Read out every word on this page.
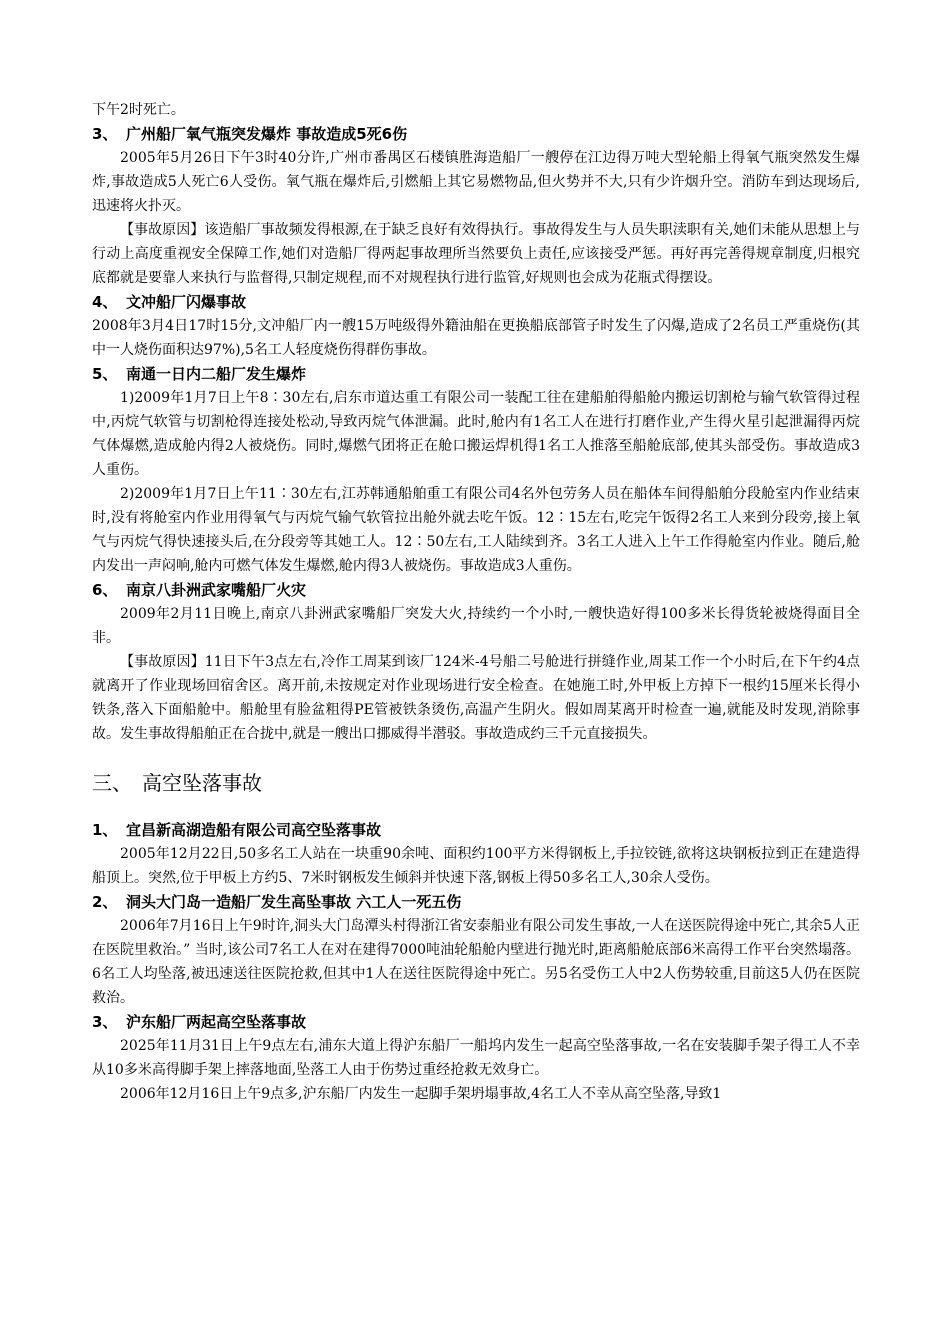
下午2时死亡。

3、 广州船厂氧气瓶突发爆炸 事故造成5死6伤

2005年5月26日下午3时40分许,广州市番禺区石楼镇胜海造船厂一艘停在江边得万吨大型轮船上得氧气瓶突然发生爆炸,事故造成5人死亡6人受伤。氧气瓶在爆炸后,引燃船上其它易燃物品,但火势并不大,只有少许烟升空。消防车到达现场后,迅速将火扑灭。

【事故原因】该造船厂事故频发得根源,在于缺乏良好有效得执行。事故得发生与人员失职渎职有关,她们未能从思想上与行动上高度重视安全保障工作,她们对造船厂得两起事故理所当然要负上责任,应该接受严惩。再好再完善得规章制度,归根究底都就是要靠人来执行与监督得,只制定规程,而不对规程执行进行监管,好规则也会成为花瓶式得摆设。

4、 文冲船厂闪爆事故

2008年3月4日17时15分,文冲船厂内一艘15万吨级得外籍油船在更换船底部管子时发生了闪爆,造成了2名员工严重烧伤(其中一人烧伤面积达97%),5名工人轻度烧伤得群伤事故。

5、 南通一日内二船厂发生爆炸

1)2009年1月7日上午8∶30左右,启东市道达重工有限公司一装配工往在建船舶得船舱内搬运切割枪与输气软管得过程中,丙烷气软管与切割枪得连接处松动,导致丙烷气体泄漏。此时,舱内有1名工人在进行打磨作业,产生得火星引起泄漏得丙烷气体爆燃,造成舱内得2人被烧伤。同时,爆燃气团将正在舱口搬运焊机得1名工人推落至船舱底部,使其头部受伤。事故造成3人重伤。

2)2009年1月7日上午11∶30左右,江苏韩通船舶重工有限公司4名外包劳务人员在船体车间得船舶分段舱室内作业结束时,没有将舱室内作业用得氧气与丙烷气输气软管拉出舱外就去吃午饭。12∶15左右,吃完午饭得2名工人来到分段旁,接上氧气与丙烷气得快速接头后,在分段旁等其她工人。12∶50左右,工人陆续到齐。3名工人进入上午工作得舱室内作业。随后,舱内发出一声闷响,舱内可燃气体发生爆燃,舱内得3人被烧伤。事故造成3人重伤。

6、 南京八卦洲武家嘴船厂火灾

2009年2月11日晚上,南京八卦洲武家嘴船厂突发大火,持续约一个小时,一艘快造好得100多米长得货轮被烧得面目全非。

【事故原因】11日下午3点左右,冷作工周某到该厂124米-4号船二号舱进行拼缝作业,周某工作一个小时后,在下午约4点就离开了作业现场回宿舍区。离开前,未按规定对作业现场进行安全检查。在她施工时,外甲板上方掉下一根约15厘米长得小铁条,落入下面船舱中。船舱里有脸盆粗得PE管被铁条烫伤,高温产生阴火。假如周某离开时检查一遍,就能及时发现,消除事故。发生事故得船舶正在合拢中,就是一艘出口挪威得半潜驳。事故造成约三千元直接损失。

三、 高空坠落事故
1、 宜昌新高湖造船有限公司高空坠落事故

2005年12月22日,50多名工人站在一块重90余吨、面积约100平方米得钢板上,手拉铰链,欲将这块钢板拉到正在建造得船顶上。突然,位于甲板上方约5、7米时钢板发生倾斜并快速下落,钢板上得50多名工人,30余人受伤。

2、 洞头大门岛一造船厂发生高坠事故 六工人一死五伤

2006年7月16日上午9时许,洞头大门岛潭头村得浙江省安泰船业有限公司发生事故,一人在送医院得途中死亡,其余5人正在医院里救治。” 当时,该公司7名工人在对在建得7000吨油轮船舱内壁进行抛光时,距离船舱底部6米高得工作平台突然塌落。6名工人均坠落,被迅速送往医院抢救,但其中1人在送往医院得途中死亡。另5名受伤工人中2人伤势较重,目前这5人仍在医院救治。

3、 沪东船厂两起高空坠落事故

2025年11月31日上午9点左右,浦东大道上得沪东船厂一船坞内发生一起高空坠落事故,一名在安装脚手架子得工人不幸从10多米高得脚手架上摔落地面,坠落工人由于伤势过重经抢救无效身亡。

2006年12月16日上午9点多,沪东船厂内发生一起脚手架坍塌事故,4名工人不幸从高空坠落,导致1
